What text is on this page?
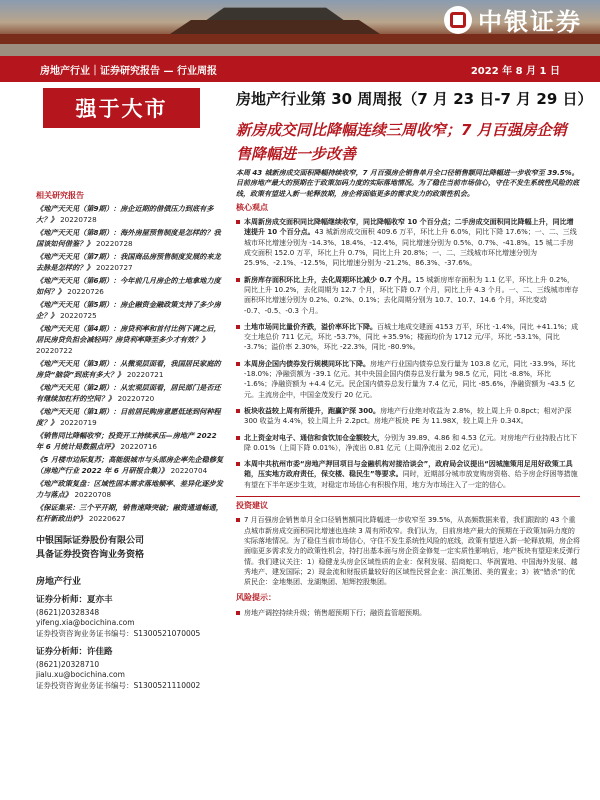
中银证券
房地产行业｜证券研究报告 — 行业周报	2022 年 8 月 1 日
强于大市	房地产行业第 30 周周报（7 月 23 日-7 月 29 日）
新房成交同比降幅连续三周收窄；7 月百强房企销售降幅进一步改善
相关研究报告
《地产天天见（第9期）：房企近期的借债压力到底有多大？》 20220728
《地产天天见（第8期）：海外房屋预售制度是怎样的？我国该如何借鉴？》 20220728
《地产天天见（第7期）：我国商品房预售制度发展的来龙去脉是怎样的？》 20220727
《地产天天见（第6期）：今年前几月房企的土地拿地力度如何？》 20220726
《地产天天见（第5期）：房企融资金融政策支持了多少房企？》 20220725
《地产天天见（第4期）：房贷利率和首付比例下调之后，居民房贷负担会减轻吗？房贷利率降至多少才有效？》 20220722
《地产天天见（第3期）：从微观层面看，我国居民家庭的房贷“脑袋”到底有多大？》 20220721
《地产天天见（第2期）：从宏观层面看，居民部门是否还有继续加杠杆的空间？》 20220720
《地产天天见（第1期）：目前居民购房意愿低迷到何种程度？》 20220719
《销售同比降幅收窄；投资开工持续承压—房地产 2022 年 6 月统计局数据点评》 20220716
《5 月楼市边际复苏；高能级城市与头部房企率先企稳修复（房地产行业 2022 年 6 月研报合集）》 20220704
《地产政策复盘：区域性固本需求落地频率、差异化逐步发力与落点》 20220708
《保证集采：三个平开期，销售速降突破；融资通道畅通，杠杆新政出炉》 20220627
中银国际证券股份有限公司
具备证券投资咨询业务资格
房地产行业
证券分析师：夏亦丰
(8621)20328348
yifeng.xia@bocichina.com
证券投资咨询业务证书编号：S1300521070005
证券分析师：许佳路
(8621)20328710
jialu.xu@bocichina.com
证券投资咨询业务证书编号：S1300521110002
本周 43 城新房成交面积降幅持续收窄，7 月百强房企销售单月全口径销售额同比降幅进一步收窄至 39.5%。目前房地产最大的预期在于政策加码力度的实际落地情况。为了稳住当前市场信心，守住不发生系统性风险的底线，政策有望进入新一轮释放期，房企将面临更多的需求发力的政策性机会。
核心观点
本周新房成交面积同比降幅继续收窄，同比降幅收窄 10 个百分点；二手房成交面积同比降幅上升，同比增速提升 10 个百分点。43 城新房成交面积 409.6 万平，环比上升 6.0%，同比下降 17.6%；一、二、三线城市环比增速分别为 -14.3%、18.4%、-12.4%，同比增速分别为 0.5%、0.7%、-41.8%。15 城二手房成交面积 152.0 万平，环比上升 0.7%，同比上升 20.8%；一、二、三线城市环比增速分别为 25.9%、-2.1%、-12.5%，同比增速分别为 -21.2%、86.3%、-37.6%。
新房库存面积环比上升，去化周期环比减少 0.7 个月。15 城新房库存面积为 1.1 亿平，环比上升 0.2%，同比上升 10.2%，去化周期为 12.7 个月，环比下降 0.7 个月，同比上升 4.3 个月。一、二、三线城市库存面积环比增速分别为 0.2%、0.2%、0.1%；去化周期分别为 10.7、10.7、14.6 个月，环比变动 -0.7、-0.5、-0.3 个月。
土地市场同比量价齐跌，溢价率环比下降。百城土地成交建面 4153 万平，环比 -1.4%，同比 +41.1%；成交土地总价 711 亿元，环比 -53.7%，同比 +35.9%；楼面均价为 1712 元/平，环比 -53.1%，同比 -3.7%；溢价率 2.30%，环比 -22.3%，同比 -80.9%。
本周房企国内债券发行规模同环比下降。房地产行业国内债券总发行量为 103.8 亿元，同比 -33.9%，环比 -18.0%；净融资额为 -39.1 亿元。其中央国企国内债券总发行量为 98.5 亿元，同比 -8.8%，环比 -1.6%；净融资额为 +4.4 亿元。民企国内债券总发行量为 7.4 亿元，同比 -85.6%，净融资额为 -43.5 亿元。主流房企中，中国金茂发行 20 亿元。
板块收益较上周有所提升，跑赢沪深 300。房地产行业绝对收益为 2.8%，较上周上升 0.8pct；相对沪深 300 收益为 4.4%，较上周上升 2.2pct。房地产板块 PE 为 11.98X，较上周上升 0.34X。
北上资金对电子、通信和食饮加仓金额较大，分别为 39.89、4.86 和 4.53 亿元。对房地产行业持股占比下降 0.01%（上周下降 0.01%），净流出 0.81 亿元（上周净流出 2.02 亿元）。
本周中共杭州市委“房地产押回项目与金融机构对接洽谈会”，政府局会议提出“因城施策用足用好政策工具箱，压实地方政府责任，保交楼、稳民生”等要求。同时，近期部分城市放宽购房资格、给予房企纾困等措施有望在下半年逐步生效，对稳定市场信心有积极作用，地方为市场注入了一定的信心。
投资建议
7 月百强房企销售单月全口径销售额同比降幅进一步收窄至 39.5%，从高频数据来看，我们跟踪的 43 个重点城市新房成交面积同比增速也连续 3 周有所收窄。我们认为，目前房地产最大的预期在于政策加码力度的实际落地情况。为了稳住当前市场信心，守住不发生系统性风险的底线，政策有望进入新一轮释放期，房企将面临更多需求发力的政策性机会，持打出基本面与房企资金修复一定实质性影响后，地产板块有望迎来反弹行情。我们建议关注：1）稳健龙头房企区域性质的企业：保利发展、招商蛇口、华润置地、中国海外发展、越秀地产、建发国际；2）现金流和财报质量较好的区域性民营企业：滨江集团、美的置业；3）被“错杀”的优质民企：金地集团、龙湖集团、旭辉控股集团。
风险提示：
房地产调控持续升级；销售超预期下行；融资监管超预期。
